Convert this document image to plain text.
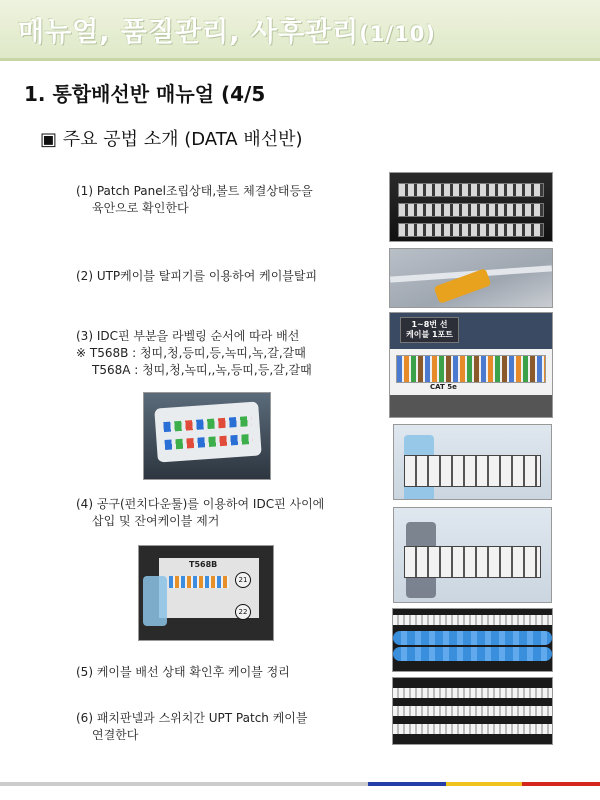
매뉴얼, 품질관리, 사후관리(1/10)
1. 통합배선반 매뉴얼 (4/5
▣ 주요 공법 소개 (DATA 배선반)
(1) Patch Panel조립상태,볼트 체결상태등을
육안으로 확인한다
(2) UTP케이블 탈피기를 이용하여 케이블탈피
(3) IDC핀 부분을 라벨링 순서에 따라 배선
※ T568B : 청띠,청,등띠,등,녹띠,녹,갈,갈때
T568A : 청띠,청,녹띠,,녹,등띠,등,갈,갈때
(4) 공구(펀치다운툴)를 이용하여 IDC핀 사이에
삽입 및 잔여케이블 제거
(5) 케이블 배선 상태 확인후 케이블 정리
(6) 패치판넬과 스위치간 UPT Patch 케이블
연결한다
1~8번 선
케이블 1포트
CAT 5e
T568B
21
22
